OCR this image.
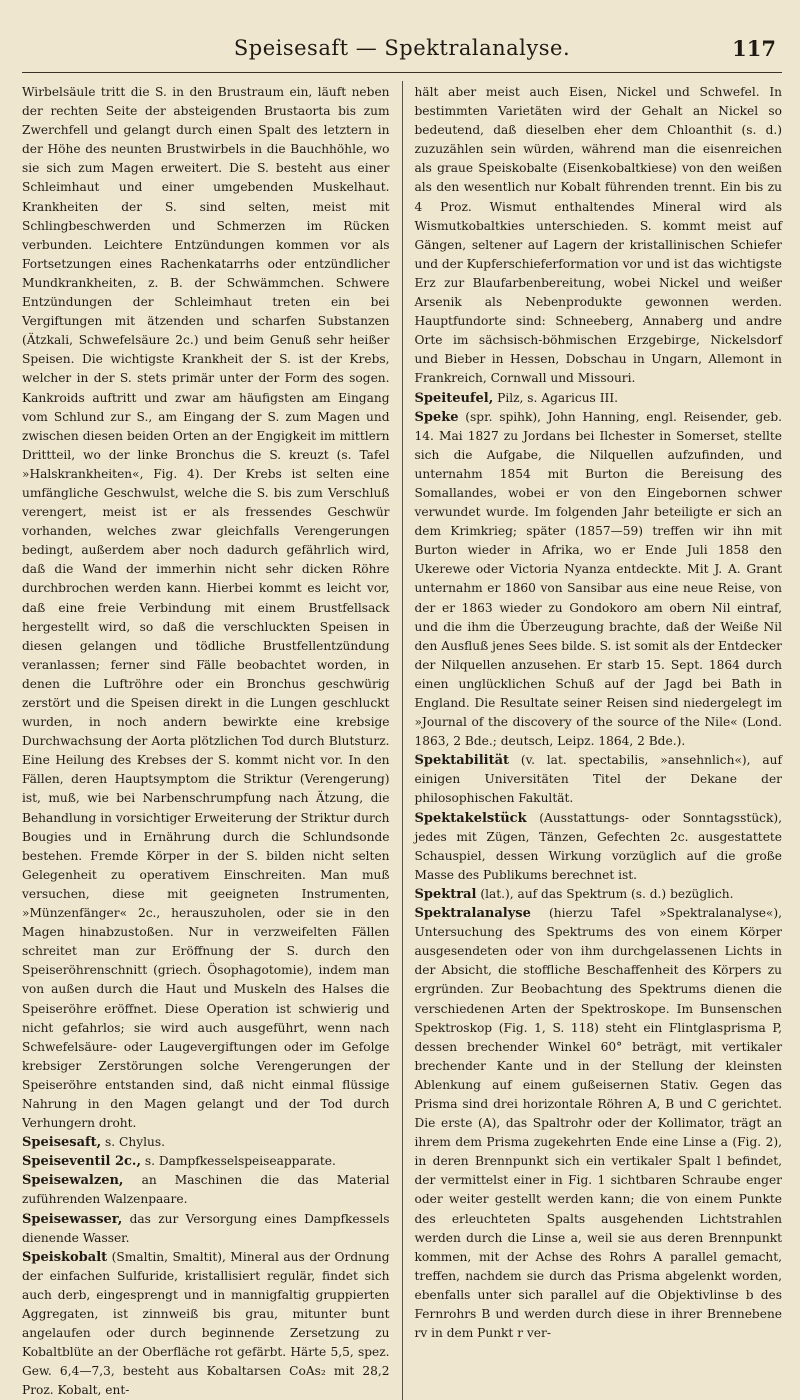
Speisesaft — Spektralanalyse.	117

Wirbelsäule tritt die S. in den Brustraum ein, läuft neben der rechten Seite der absteigenden Brustaorta bis zum Zwerchfell und gelangt durch einen Spalt des letztern in der Höhe des neunten Brustwirbels in die Bauchhöhle, wo sie sich zum Magen erweitert. Die S. besteht aus einer Schleimhaut und einer umgebenden Muskelhaut. Krankheiten der S. sind selten, meist mit Schlingbeschwerden und Schmerzen im Rücken verbunden. Leichtere Entzündungen kommen vor als Fortsetzungen eines Rachenkatarrhs oder entzündlicher Mundkrankheiten, z. B. der Schwämmchen. Schwere Entzündungen der Schleimhaut treten ein bei Vergiftungen mit ätzenden und scharfen Substanzen (Ätzkali, Schwefelsäure 2c.) und beim Genuß sehr heißer Speisen. Die wichtigste Krankheit der S. ist der Krebs, welcher in der S. stets primär unter der Form des sogen. Kankroids auftritt und zwar am häufigsten am Eingang vom Schlund zur S., am Eingang der S. zum Magen und zwischen diesen beiden Orten an der Engigkeit im mittlern Drittteil, wo der linke Bronchus die S. kreuzt (s. Tafel »Halskrankheiten«, Fig. 4). Der Krebs ist selten eine umfängliche Geschwulst, welche die S. bis zum Verschluß verengert, meist ist er als fressendes Geschwür vorhanden, welches zwar gleichfalls Verengerungen bedingt, außerdem aber noch dadurch gefährlich wird, daß die Wand der immerhin nicht sehr dicken Röhre durchbrochen werden kann. Hierbei kommt es leicht vor, daß eine freie Verbindung mit einem Brustfellsack hergestellt wird, so daß die verschluckten Speisen in diesen gelangen und tödliche Brustfellentzündung veranlassen; ferner sind Fälle beobachtet worden, in denen die Luftröhre oder ein Bronchus geschwürig zerstört und die Speisen direkt in die Lungen geschluckt wurden, in noch andern bewirkte eine krebsige Durchwachsung der Aorta plötzlichen Tod durch Blutsturz. Eine Heilung des Krebses der S. kommt nicht vor. In den Fällen, deren Hauptsymptom die Striktur (Verengerung) ist, muß, wie bei Narbenschrumpfung nach Ätzung, die Behandlung in vorsichtiger Erweiterung der Striktur durch Bougies und in Ernährung durch die Schlundsonde bestehen. Fremde Körper in der S. bilden nicht selten Gelegenheit zu operativem Einschreiten. Man muß versuchen, diese mit geeigneten Instrumenten, »Münzenfänger« 2c., herauszuholen, oder sie in den Magen hinabzustoßen. Nur in verzweifelten Fällen schreitet man zur Eröffnung der S. durch den Speiseröhrenschnitt (griech. Ösophagotomie), indem man von außen durch die Haut und Muskeln des Halses die Speiseröhre eröffnet. Diese Operation ist schwierig und nicht gefahrlos; sie wird auch ausgeführt, wenn nach Schwefelsäure- oder Laugevergiftungen oder im Gefolge krebsiger Zerstörungen solche Verengerungen der Speiseröhre entstanden sind, daß nicht einmal flüssige Nahrung in den Magen gelangt und der Tod durch Verhungern droht.

Speisesaft, s. Chylus.

Speiseventil 2c., s. Dampfkesselspeiseapparate.

Speisewalzen, an Maschinen die das Material zuführenden Walzenpaare.

Speisewasser, das zur Versorgung eines Dampfkessels dienende Wasser.

Speiskobalt (Smaltin, Smaltit), Mineral aus der Ordnung der einfachen Sulfuride, kristallisiert regulär, findet sich auch derb, eingesprengt und in mannigfaltig gruppierten Aggregaten, ist zinnweiß bis grau, mitunter bunt angelaufen oder durch beginnende Zersetzung zu Kobaltblüte an der Oberfläche rot gefärbt. Härte 5,5, spez. Gew. 6,4—7,3, besteht aus Kobaltarsen CoAs₂ mit 28,2 Proz. Kobalt, ent-

hält aber meist auch Eisen, Nickel und Schwefel. In bestimmten Varietäten wird der Gehalt an Nickel so bedeutend, daß dieselben eher dem Chloanthit (s. d.) zuzuzählen sein würden, während man die eisenreichen als graue Speiskobalte (Eisenkobaltkiese) von den weißen als den wesentlich nur Kobalt führenden trennt. Ein bis zu 4 Proz. Wismut enthaltendes Mineral wird als Wismutkobaltkies unterschieden. S. kommt meist auf Gängen, seltener auf Lagern der kristallinischen Schiefer und der Kupferschieferformation vor und ist das wichtigste Erz zur Blaufarbenbereitung, wobei Nickel und weißer Arsenik als Nebenprodukte gewonnen werden. Hauptfundorte sind: Schneeberg, Annaberg und andre Orte im sächsisch-böhmischen Erzgebirge, Nickelsdorf und Bieber in Hessen, Dobschau in Ungarn, Allemont in Frankreich, Cornwall und Missouri.

Speiteufel, Pilz, s. Agaricus III.

Speke (spr. spihk), John Hanning, engl. Reisender, geb. 14. Mai 1827 zu Jordans bei Ilchester in Somerset, stellte sich die Aufgabe, die Nilquellen aufzufinden, und unternahm 1854 mit Burton die Bereisung des Somallandes, wobei er von den Eingebornen schwer verwundet wurde. Im folgenden Jahr beteiligte er sich an dem Krimkrieg; später (1857—59) treffen wir ihn mit Burton wieder in Afrika, wo er Ende Juli 1858 den Ukerewe oder Victoria Nyanza entdeckte. Mit J. A. Grant unternahm er 1860 von Sansibar aus eine neue Reise, von der er 1863 wieder zu Gondokoro am obern Nil eintraf, und die ihm die Überzeugung brachte, daß der Weiße Nil den Ausfluß jenes Sees bilde. S. ist somit als der Entdecker der Nilquellen anzusehen. Er starb 15. Sept. 1864 durch einen unglücklichen Schuß auf der Jagd bei Bath in England. Die Resultate seiner Reisen sind niedergelegt im »Journal of the discovery of the source of the Nile« (Lond. 1863, 2 Bde.; deutsch, Leipz. 1864, 2 Bde.).

Spektabilität (v. lat. spectabilis, »ansehnlich«), auf einigen Universitäten Titel der Dekane der philosophischen Fakultät.

Spektakelstück (Ausstattungs- oder Sonntagsstück), jedes mit Zügen, Tänzen, Gefechten 2c. ausgestattete Schauspiel, dessen Wirkung vorzüglich auf die große Masse des Publikums berechnet ist.

Spektral (lat.), auf das Spektrum (s. d.) bezüglich.

Spektralanalyse (hierzu Tafel »Spektralanalyse«), Untersuchung des Spektrums des von einem Körper ausgesendeten oder von ihm durchgelassenen Lichts in der Absicht, die stoffliche Beschaffenheit des Körpers zu ergründen. Zur Beobachtung des Spektrums dienen die verschiedenen Arten der Spektroskope. Im Bunsenschen Spektroskop (Fig. 1, S. 118) steht ein Flintglasprisma P, dessen brechender Winkel 60° beträgt, mit vertikaler brechender Kante und in der Stellung der kleinsten Ablenkung auf einem gußeisernen Stativ. Gegen das Prisma sind drei horizontale Röhren A, B und C gerichtet. Die erste (A), das Spaltrohr oder der Kollimator, trägt an ihrem dem Prisma zugekehrten Ende eine Linse a (Fig. 2), in deren Brennpunkt sich ein vertikaler Spalt l befindet, der vermittelst einer in Fig. 1 sichtbaren Schraube enger oder weiter gestellt werden kann; die von einem Punkte des erleuchteten Spalts ausgehenden Lichtstrahlen werden durch die Linse a, weil sie aus deren Brennpunkt kommen, mit der Achse des Rohrs A parallel gemacht, treffen, nachdem sie durch das Prisma abgelenkt worden, ebenfalls unter sich parallel auf die Objektivlinse b des Fernrohrs B und werden durch diese in ihrer Brennebene rv in dem Punkt r ver-
